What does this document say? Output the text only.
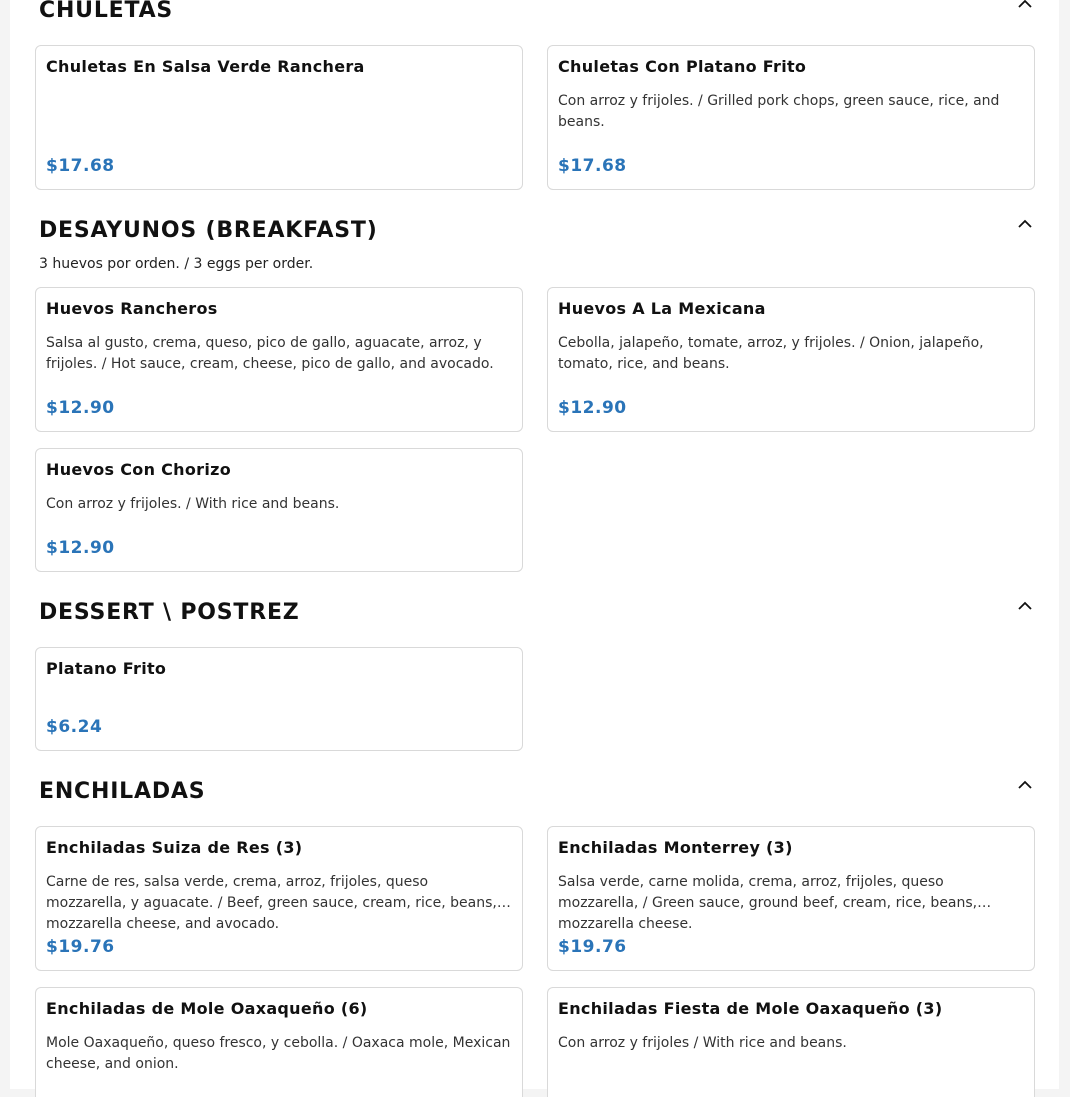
CHULETAS
Chuletas En Salsa Verde Ranchera
$17.68
Chuletas Con Platano Frito
Con arroz y frijoles. / Grilled pork chops, green sauce, rice, and beans.
$17.68
DESAYUNOS (BREAKFAST)
3 huevos por orden. / 3 eggs per order.
Huevos Rancheros
Salsa al gusto, crema, queso, pico de gallo, aguacate, arroz, y frijoles. / Hot sauce, cream, cheese, pico de gallo, and avocado.
$12.90
Huevos A La Mexicana
Cebolla, jalapeño, tomate, arroz, y frijoles. / Onion, jalapeño, tomato, rice, and beans.
$12.90
Huevos Con Chorizo
Con arroz y frijoles. / With rice and beans.
$12.90
DESSERT \ POSTREZ
Platano Frito
$6.24
ENCHILADAS
Enchiladas Suiza de Res (3)
Carne de res, salsa verde, crema, arroz, frijoles, queso mozzarella, y aguacate. / Beef, green sauce, cream, rice, beans, mozzarella cheese, and avocado.
$19.76
Enchiladas Monterrey (3)
Salsa verde, carne molida, crema, arroz, frijoles, queso mozzarella, / Green sauce, ground beef, cream, rice, beans, mozzarella cheese.
$19.76
Enchiladas de Mole Oaxaqueño (6)
Mole Oaxaqueño, queso fresco, y cebolla. / Oaxaca mole, Mexican cheese, and onion.
Enchiladas Fiesta de Mole Oaxaqueño (3)
Con arroz y frijoles / With rice and beans.
